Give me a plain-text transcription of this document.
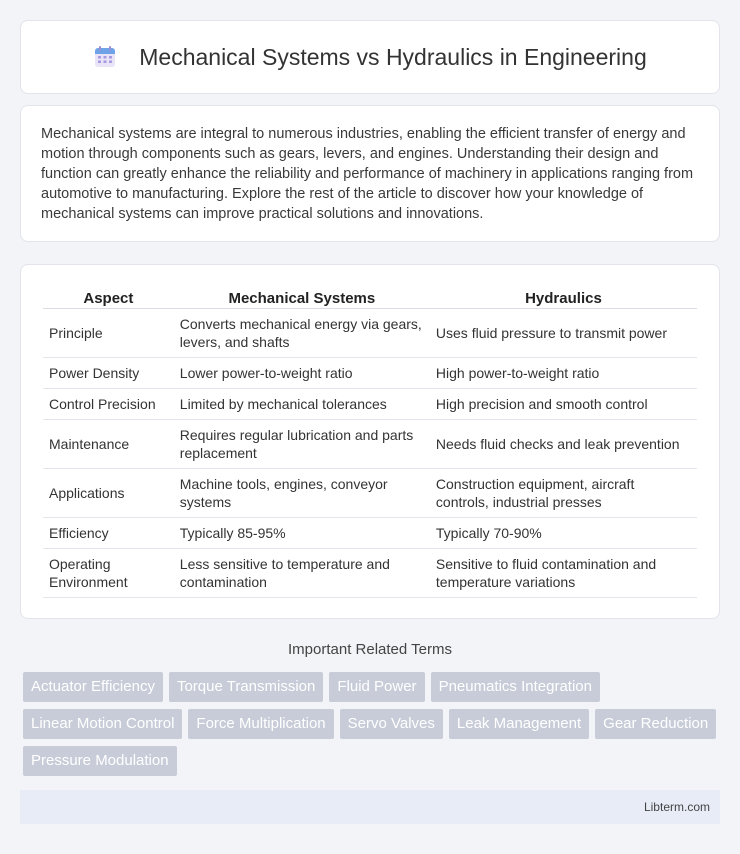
Mechanical Systems vs Hydraulics in Engineering

Mechanical systems are integral to numerous industries, enabling the efficient transfer of energy and motion through components such as gears, levers, and engines. Understanding their design and function can greatly enhance the reliability and performance of machinery in applications ranging from automotive to manufacturing. Explore the rest of the article to discover how your knowledge of mechanical systems can improve practical solutions and innovations.

Aspect	Mechanical Systems	Hydraulics
Principle	Converts mechanical energy via gears, levers, and shafts	Uses fluid pressure to transmit power
Power Density	Lower power-to-weight ratio	High power-to-weight ratio
Control Precision	Limited by mechanical tolerances	High precision and smooth control
Maintenance	Requires regular lubrication and parts replacement	Needs fluid checks and leak prevention
Applications	Machine tools, engines, conveyor systems	Construction equipment, aircraft controls, industrial presses
Efficiency	Typically 85-95%	Typically 70-90%
Operating Environment	Less sensitive to temperature and contamination	Sensitive to fluid contamination and temperature variations
Important Related Terms
Actuator Efficiency	Torque Transmission	Fluid Power	Pneumatics Integration
Linear Motion Control	Force Multiplication	Servo Valves	Leak Management	Gear Reduction
Pressure Modulation
Libterm.com
